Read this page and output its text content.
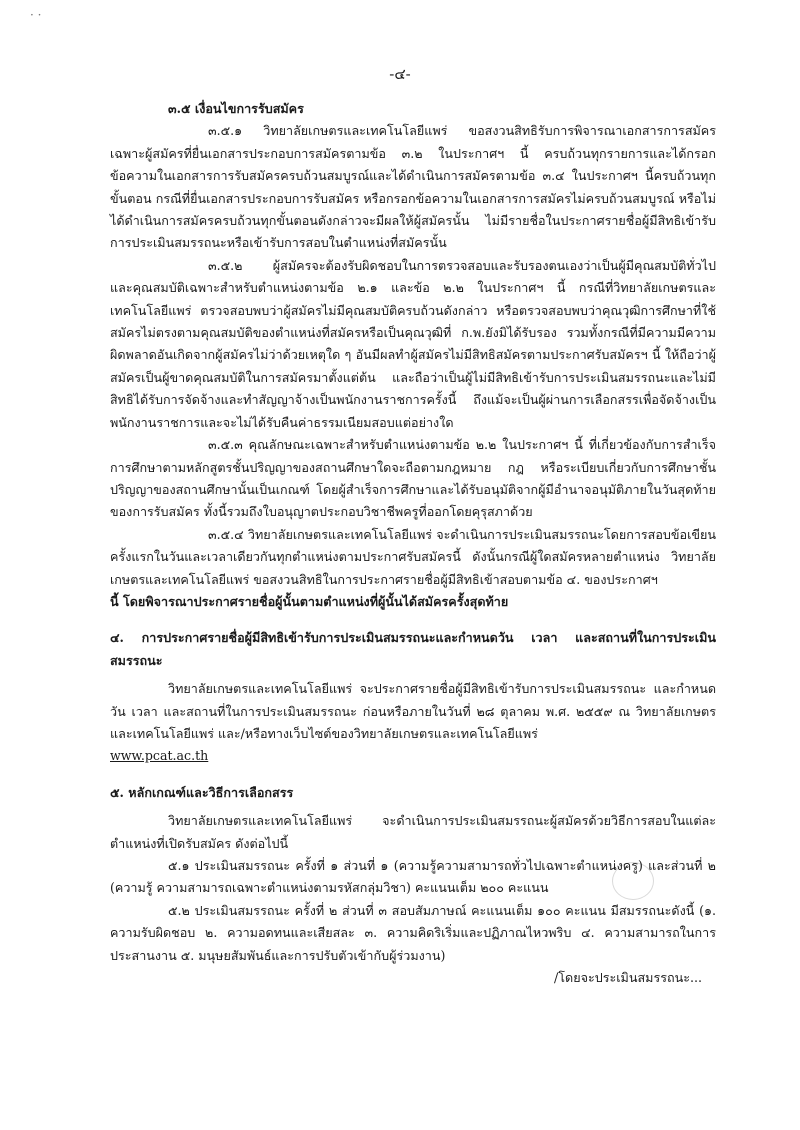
· ·
-๔-

๓.๕ เงื่อนไขการรับสมัคร

๓.๕.๑ วิทยาลัยเกษตรและเทคโนโลยีแพร่ ขอสงวนสิทธิรับการพิจารณาเอกสารการสมัคร เฉพาะผู้สมัครที่ยื่นเอกสารประกอบการสมัครตามข้อ ๓.๒ ในประกาศฯ นี้ ครบถ้วนทุกรายการและได้กรอกข้อความในเอกสารการรับสมัครครบถ้วนสมบูรณ์และได้ดำเนินการสมัครตามข้อ ๓.๔ ในประกาศฯ นี้ครบถ้วนทุกขั้นตอน กรณีที่ยื่นเอกสารประกอบการรับสมัคร หรือกรอกข้อความในเอกสารการสมัครไม่ครบถ้วนสมบูรณ์ หรือไม่ได้ดำเนินการสมัครครบถ้วนทุกขั้นตอนดังกล่าวจะมีผลให้ผู้สมัครนั้น ไม่มีรายชื่อในประกาศรายชื่อผู้มีสิทธิเข้ารับการประเมินสมรรถนะหรือเข้ารับการสอบในตำแหน่งที่สมัครนั้น

๓.๕.๒ ผู้สมัครจะต้องรับผิดชอบในการตรวจสอบและรับรองตนเองว่าเป็นผู้มีคุณสมบัติทั่วไป และคุณสมบัติเฉพาะสำหรับตำแหน่งตามข้อ ๒.๑ และข้อ ๒.๒ ในประกาศฯ นี้ กรณีที่วิทยาลัยเกษตรและเทคโนโลยีแพร่ ตรวจสอบพบว่าผู้สมัครไม่มีคุณสมบัติครบถ้วนดังกล่าว หรือตรวจสอบพบว่าคุณวุฒิการศึกษาที่ใช้สมัครไม่ตรงตามคุณสมบัติของตำแหน่งที่สมัครหรือเป็นคุณวุฒิที่ ก.พ.ยังมิได้รับรอง รวมทั้งกรณีที่มีความมีความผิดพลาดอันเกิดจากผู้สมัครไม่ว่าด้วยเหตุใด ๆ อันมีผลทำผู้สมัครไม่มีสิทธิสมัครตามประกาศรับสมัครฯ นี้ ให้ถือว่าผู้สมัครเป็นผู้ขาดคุณสมบัติในการสมัครมาตั้งแต่ต้น และถือว่าเป็นผู้ไม่มีสิทธิเข้ารับการประเมินสมรรถนะและไม่มีสิทธิได้รับการจัดจ้างและทำสัญญาจ้างเป็นพนักงานราชการครั้งนี้ ถึงแม้จะเป็นผู้ผ่านการเลือกสรรเพื่อจัดจ้างเป็นพนักงานราชการและจะไม่ได้รับคืนค่าธรรมเนียมสอบแต่อย่างใด

๓.๕.๓ คุณลักษณะเฉพาะสำหรับตำแหน่งตามข้อ ๒.๒ ในประกาศฯ นี้ ที่เกี่ยวข้องกับการสำเร็จการศึกษาตามหลักสูตรชั้นปริญญาของสถานศึกษาใดจะถือตามกฎหมาย กฎ หรือระเบียบเกี่ยวกับการศึกษาชั้นปริญญาของสถานศึกษานั้นเป็นเกณฑ์ โดยผู้สำเร็จการศึกษาและได้รับอนุมัติจากผู้มีอำนาจอนุมัติภายในวันสุดท้ายของการรับสมัคร ทั้งนี้รวมถึงใบอนุญาตประกอบวิชาชีพครูที่ออกโดยคุรุสภาด้วย

๓.๕.๔ วิทยาลัยเกษตรและเทคโนโลยีแพร่ จะดำเนินการประเมินสมรรถนะโดยการสอบข้อเขียนครั้งแรกในวันและเวลาเดียวกันทุกตำแหน่งตามประกาศรับสมัครนี้ ดังนั้นกรณีผู้ใดสมัครหลายตำแหน่ง วิทยาลัยเกษตรและเทคโนโลยีแพร่ ขอสงวนสิทธิในการประกาศรายชื่อผู้มีสิทธิเข้าสอบตามข้อ ๔. ของประกาศฯ

นี้ โดยพิจารณาประกาศรายชื่อผู้นั้นตามตำแหน่งที่ผู้นั้นได้สมัครครั้งสุดท้าย

๔. การประกาศรายชื่อผู้มีสิทธิเข้ารับการประเมินสมรรถนะและกำหนดวัน เวลา และสถานที่ในการประเมินสมรรถนะ

วิทยาลัยเกษตรและเทคโนโลยีแพร่ จะประกาศรายชื่อผู้มีสิทธิเข้ารับการประเมินสมรรถนะ และกำหนดวัน เวลา และสถานที่ในการประเมินสมรรถนะ ก่อนหรือภายในวันที่ ๒๘ ตุลาคม พ.ศ. ๒๕๕๙ ณ วิทยาลัยเกษตรและเทคโนโลยีแพร่ และ/หรือทางเว็บไซต์ของวิทยาลัยเกษตรและเทคโนโลยีแพร่

www.pcat.ac.th

๕. หลักเกณฑ์และวิธีการเลือกสรร

วิทยาลัยเกษตรและเทคโนโลยีแพร่ จะดำเนินการประเมินสมรรถนะผู้สมัครด้วยวิธีการสอบในแต่ละตำแหน่งที่เปิดรับสมัคร ดังต่อไปนี้

๕.๑ ประเมินสมรรถนะ ครั้งที่ ๑ ส่วนที่ ๑ (ความรู้ความสามารถทั่วไปเฉพาะตำแหน่งครู) และส่วนที่ ๒ (ความรู้ ความสามารถเฉพาะตำแหน่งตามรหัสกลุ่มวิชา) คะแนนเต็ม ๒๐๐ คะแนน

๕.๒ ประเมินสมรรถนะ ครั้งที่ ๒ ส่วนที่ ๓ สอบสัมภาษณ์ คะแนนเต็ม ๑๐๐ คะแนน มีสมรรถนะดังนี้ (๑. ความรับผิดชอบ ๒. ความอดทนและเสียสละ ๓. ความคิดริเริ่มและปฏิภาณไหวพริบ ๔. ความสามารถในการประสานงาน ๕. มนุษยสัมพันธ์และการปรับตัวเข้ากับผู้ร่วมงาน)

/โดยจะประเมินสมรรถนะ...
